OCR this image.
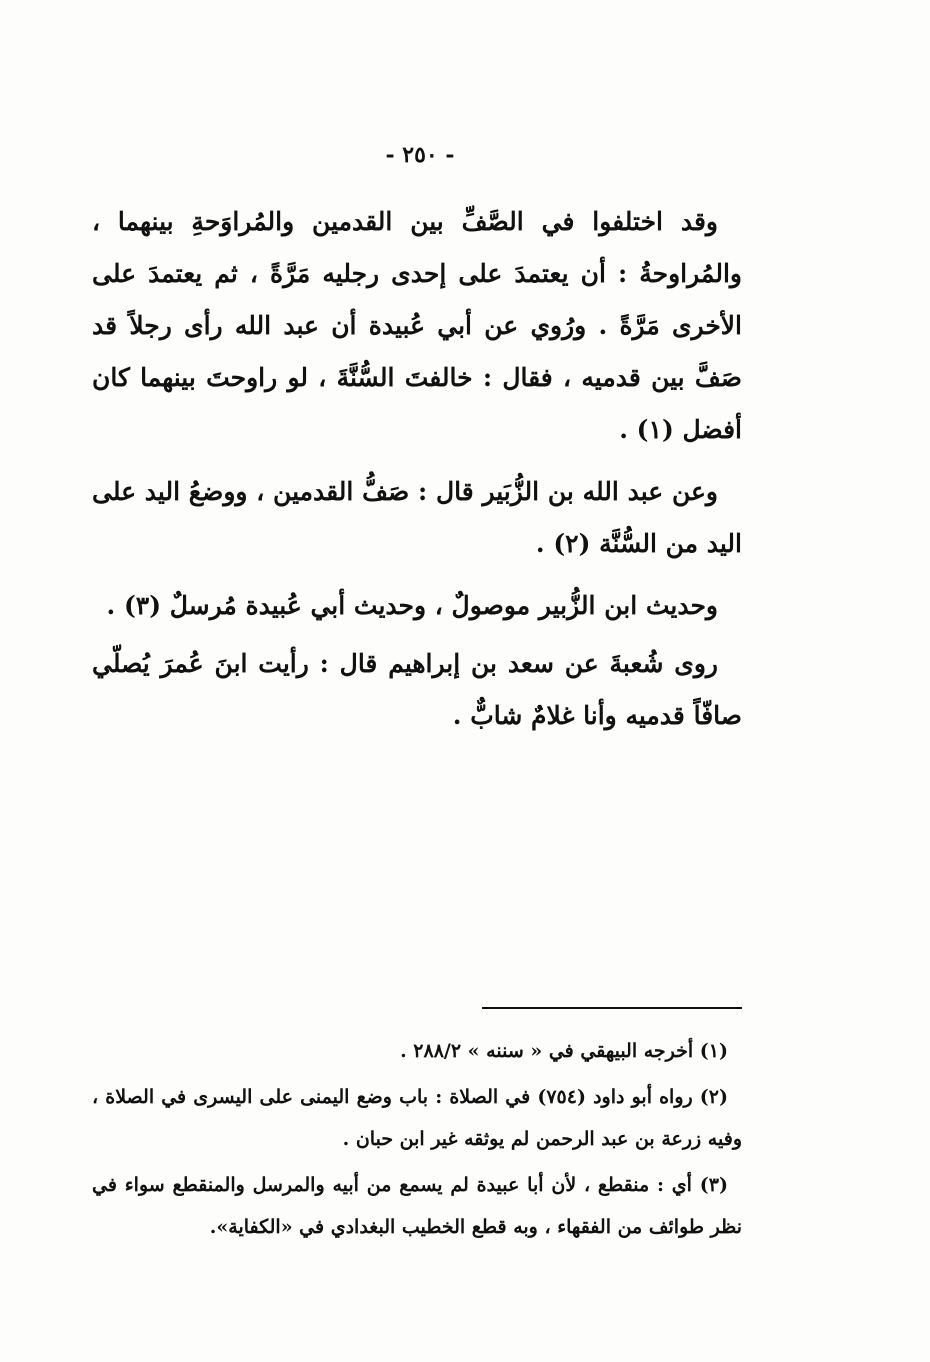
- ٢٥٠ -

وقد اختلفوا في الصَّفِّ بين القدمين والمُراوَحةِ بينهما ، والمُراوحةُ : أن يعتمدَ على إحدى رجليه مَرَّةً ، ثم يعتمدَ على الأخرى مَرَّةً . ورُوي عن أبي عُبيدة أن عبد الله رأى رجلاً قد صَفَّ بين قدميه ، فقال : خالفتَ السُّنَّةَ ، لو راوحتَ بينهما كان أفضل (١) .

وعن عبد الله بن الزُّبَير قال : صَفُّ القدمين ، ووضعُ اليد على اليد من السُّنَّة (٢) .

وحديث ابن الزُّبير موصولٌ ، وحديث أبي عُبيدة مُرسلٌ (٣) .

روى شُعبةَ عن سعد بن إبراهيم قال : رأيت ابنَ عُمرَ يُصلّي صافّاً قدميه وأنا غلامٌ شابٌّ .

(١) أخرجه البيهقي في « سننه » ٢٨٨/٢ .

(٢) رواه أبو داود (٧٥٤) في الصلاة : باب وضع اليمنى على اليسرى في الصلاة ، وفيه زرعة بن عبد الرحمن لم يوثقه غير ابن حبان .

(٣) أي : منقطع ، لأن أبا عبيدة لم يسمع من أبيه والمرسل والمنقطع سواء في نظر طوائف من الفقهاء ، وبه قطع الخطيب البغدادي في «الكفاية».
